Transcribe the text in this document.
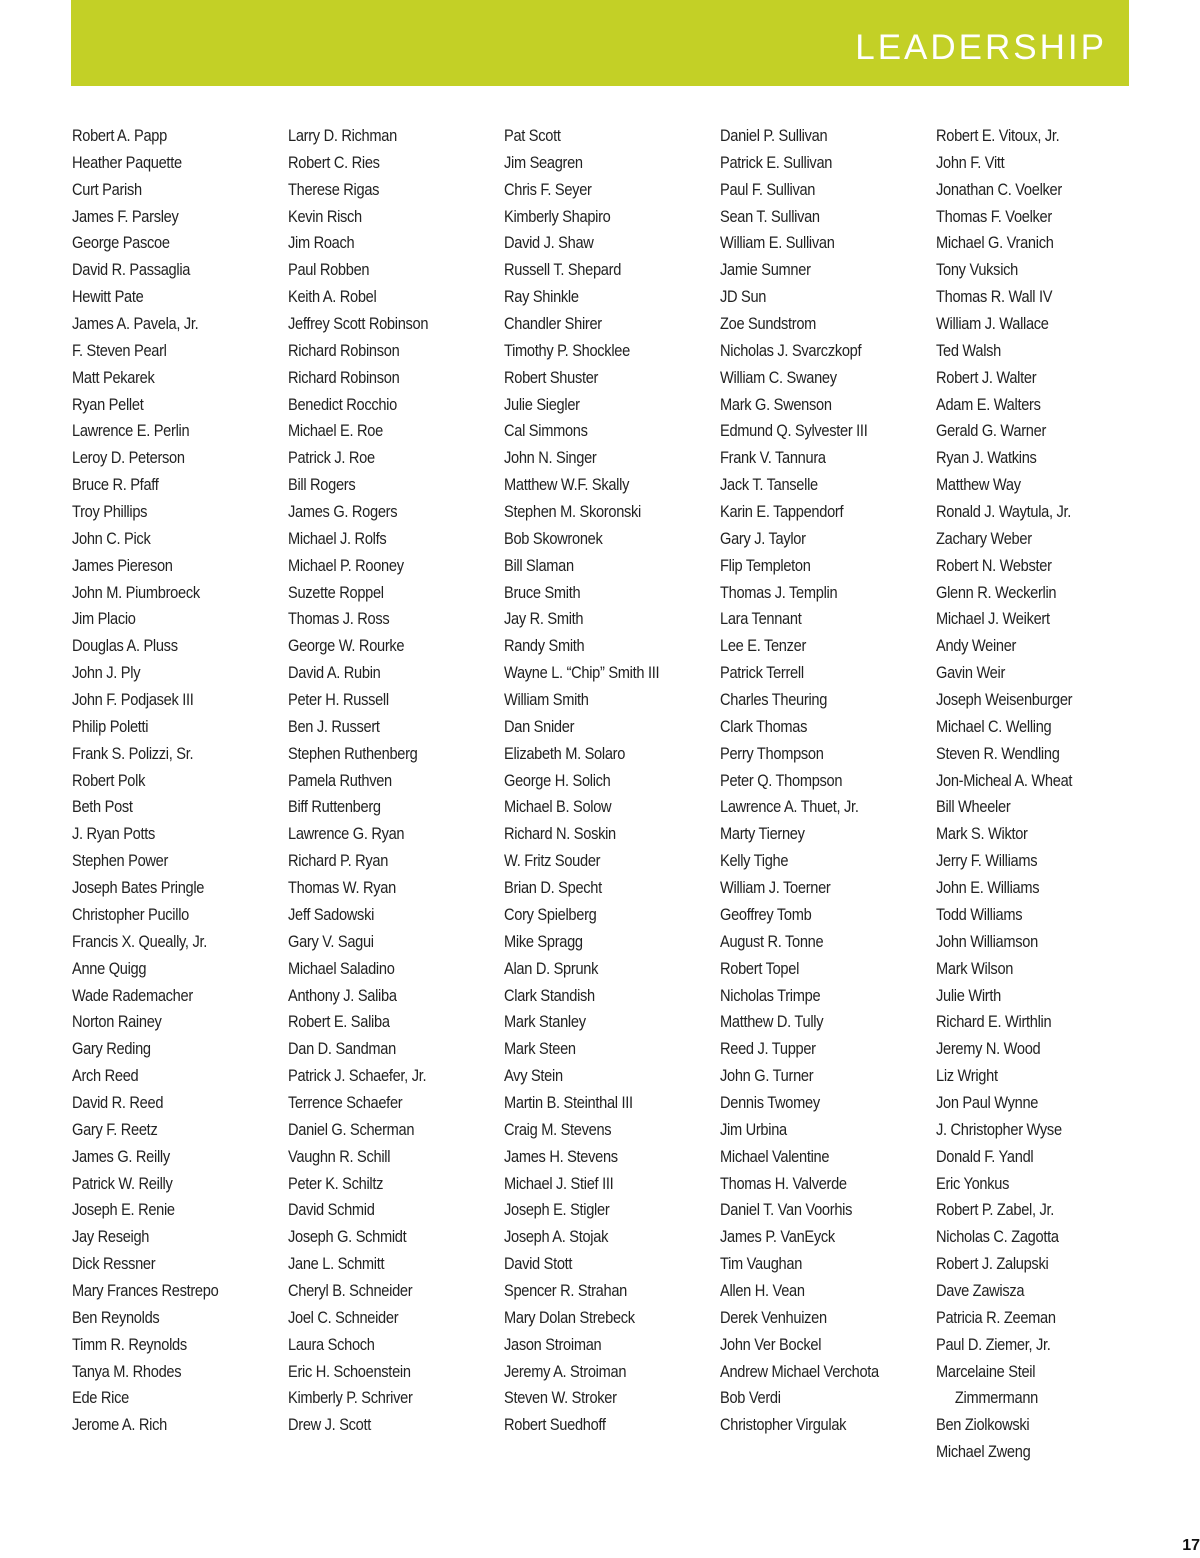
LEADERSHIP
Robert A. Papp
Heather Paquette
Curt Parish
James F. Parsley
George Pascoe
David R. Passaglia
Hewitt Pate
James A. Pavela, Jr.
F. Steven Pearl
Matt Pekarek
Ryan Pellet
Lawrence E. Perlin
Leroy D. Peterson
Bruce R. Pfaff
Troy Phillips
John C. Pick
James Piereson
John M. Piumbroeck
Jim Placio
Douglas A. Pluss
John J. Ply
John F. Podjasek III
Philip Poletti
Frank S. Polizzi, Sr.
Robert Polk
Beth Post
J. Ryan Potts
Stephen Power
Joseph Bates Pringle
Christopher Pucillo
Francis X. Queally, Jr.
Anne Quigg
Wade Rademacher
Norton Rainey
Gary Reding
Arch Reed
David R. Reed
Gary F. Reetz
James G. Reilly
Patrick W. Reilly
Joseph E. Renie
Jay Reseigh
Dick Ressner
Mary Frances Restrepo
Ben Reynolds
Timm R. Reynolds
Tanya M. Rhodes
Ede Rice
Jerome A. Rich
Larry D. Richman
Robert C. Ries
Therese Rigas
Kevin Risch
Jim Roach
Paul Robben
Keith A. Robel
Jeffrey Scott Robinson
Richard Robinson
Richard Robinson
Benedict Rocchio
Michael E. Roe
Patrick J. Roe
Bill Rogers
James G. Rogers
Michael J. Rolfs
Michael P. Rooney
Suzette Roppel
Thomas J. Ross
George W. Rourke
David A. Rubin
Peter H. Russell
Ben J. Russert
Stephen Ruthenberg
Pamela Ruthven
Biff Ruttenberg
Lawrence G. Ryan
Richard P. Ryan
Thomas W. Ryan
Jeff Sadowski
Gary V. Sagui
Michael Saladino
Anthony J. Saliba
Robert E. Saliba
Dan D. Sandman
Patrick J. Schaefer, Jr.
Terrence Schaefer
Daniel G. Scherman
Vaughn R. Schill
Peter K. Schiltz
David Schmid
Joseph G. Schmidt
Jane L. Schmitt
Cheryl B. Schneider
Joel C. Schneider
Laura Schoch
Eric H. Schoenstein
Kimberly P. Schriver
Drew J. Scott
Pat Scott
Jim Seagren
Chris F. Seyer
Kimberly Shapiro
David J. Shaw
Russell T. Shepard
Ray Shinkle
Chandler Shirer
Timothy P. Shocklee
Robert Shuster
Julie Siegler
Cal Simmons
John N. Singer
Matthew W.F. Skally
Stephen M. Skoronski
Bob Skowronek
Bill Slaman
Bruce Smith
Jay R. Smith
Randy Smith
Wayne L. “Chip” Smith III
William Smith
Dan Snider
Elizabeth M. Solaro
George H. Solich
Michael B. Solow
Richard N. Soskin
W. Fritz Souder
Brian D. Specht
Cory Spielberg
Mike Spragg
Alan D. Sprunk
Clark Standish
Mark Stanley
Mark Steen
Avy Stein
Martin B. Steinthal III
Craig M. Stevens
James H. Stevens
Michael J. Stief III
Joseph E. Stigler
Joseph A. Stojak
David Stott
Spencer R. Strahan
Mary Dolan Strebeck
Jason Stroiman
Jeremy A. Stroiman
Steven W. Stroker
Robert Suedhoff
Daniel P. Sullivan
Patrick E. Sullivan
Paul F. Sullivan
Sean T. Sullivan
William E. Sullivan
Jamie Sumner
JD Sun
Zoe Sundstrom
Nicholas J. Svarczkopf
William C. Swaney
Mark G. Swenson
Edmund Q. Sylvester III
Frank V. Tannura
Jack T. Tanselle
Karin E. Tappendorf
Gary J. Taylor
Flip Templeton
Thomas J. Templin
Lara Tennant
Lee E. Tenzer
Patrick Terrell
Charles Theuring
Clark Thomas
Perry Thompson
Peter Q. Thompson
Lawrence A. Thuet, Jr.
Marty Tierney
Kelly Tighe
William J. Toerner
Geoffrey Tomb
August R. Tonne
Robert Topel
Nicholas Trimpe
Matthew D. Tully
Reed J. Tupper
John G. Turner
Dennis Twomey
Jim Urbina
Michael Valentine
Thomas H. Valverde
Daniel T. Van Voorhis
James P. VanEyck
Tim Vaughan
Allen H. Vean
Derek Venhuizen
John Ver Bockel
Andrew Michael Verchota
Bob Verdi
Christopher Virgulak
Robert E. Vitoux, Jr.
John F. Vitt
Jonathan C. Voelker
Thomas F. Voelker
Michael G. Vranich
Tony Vuksich
Thomas R. Wall IV
William J. Wallace
Ted Walsh
Robert J. Walter
Adam E. Walters
Gerald G. Warner
Ryan J. Watkins
Matthew Way
Ronald J. Waytula, Jr.
Zachary Weber
Robert N. Webster
Glenn R. Weckerlin
Michael J. Weikert
Andy Weiner
Gavin Weir
Joseph Weisenburger
Michael C. Welling
Steven R. Wendling
Jon-Micheal A. Wheat
Bill Wheeler
Mark S. Wiktor
Jerry F. Williams
John E. Williams
Todd Williams
John Williamson
Mark Wilson
Julie Wirth
Richard E. Wirthlin
Jeremy N. Wood
Liz Wright
Jon Paul Wynne
J. Christopher Wyse
Donald F. Yandl
Eric Yonkus
Robert P. Zabel, Jr.
Nicholas C. Zagotta
Robert J. Zalupski
Dave Zawisza
Patricia R. Zeeman
Paul D. Ziemer, Jr.
Marcelaine Steil
Zimmermann
Ben Ziolkowski
Michael Zweng
17
